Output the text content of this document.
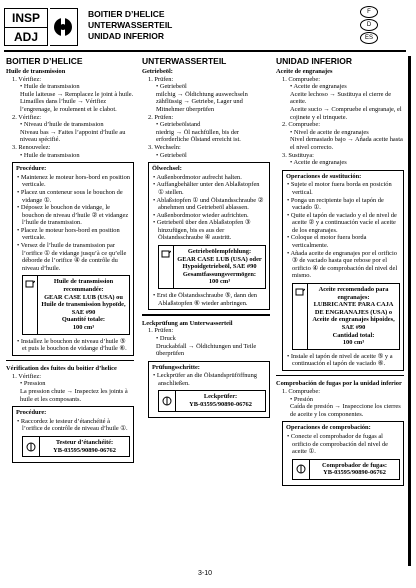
INSP
ADJ
BOITIER D’HELICE
UNTERWASSERTEIL
UNIDAD INFERIOR
F
D
ES
BOITIER D’HELICE
Huile de transmission
1. Vérifiez:
• Huile de transmission
Huile laiteuse → Remplacez le joint à huile.
Limailles dans l’huile → Vérifiez l’engrenage, le roulement et le clabot.
2. Vérifiez:
• Niveau d’huile de transmission
Niveau bas → Faites l’appoint d’huile au niveau spécifié.
3. Renouvelez:
• Huile de transmission
Procédure:
• Maintenez le moteur hors-bord en position verticale.
• Placez un conteneur sous le bouchon de vidange ①.
• Déposez le bouchon de vidange, le bouchon de niveau d’huile ② et vidangez l’huile de transmission.
• Placez le moteur hors-bord en position verticale.
• Versez de l’huile de transmission par l’orifice ① de vidange jusqu’à ce qu’elle déborde de l’orifice ④ de contrôle du niveau d’huile.
Huile de transmission recommandée:
GEAR CASE LUB (USA) ou
Huile de transmission hypoïde, SAE #90
Quantité totale:
100 cm³
• Installez le bouchon de niveau d’huile ⑤ et puis le bouchon de vidange d’huile ⑥.
Vérification des fuites du boitier d’helice
1. Vérifiez:
• Pression
La pression chute → Inspectez les joints à huile et les composants.
Procédure:
• Raccordez le testeur d’étanchéité à l’orifice de contrôle de niveau d’huile ①.
Testeur d’étanchéité:
YB-03595/90890-06762
UNTERWASSERTEIL
Getriebeöl:
1. Prüfen:
• Getriebeöl
milchig → Öldichtung auswechseln
zähflüssig → Getriebe, Lager und Mitnehmer überprüfen
2. Prüfen:
• Getriebeölstand
niedrig → Öl nachfüllen, bis der erforderliche Ölstand erreicht ist.
3. Wechseln:
• Getriebeöl
Ölwechsel:
• Außenbordmotor aufrecht halten.
• Auffangbehälter unter den Ablaßstopfen ① stellen.
• Ablaßstopfen ① und Ölstandsschraube ② abnehmen und Getriebeöl ablassen.
• Außenbordmotor wieder aufrichten.
• Getriebeöl über den Ablaßstopfen ③ hinzufügen, bis es aus der Ölstandsschraube ④ austritt.
Getriebeölempfehlung:
GEAR CASE LUB (USA) oder
Hypoidgetriebeöl, SAE #90
Gesamtfassungsvermögen:
100 cm³
• Erst die Ölstandsschraube ⑤, dann den Ablaßstopfen ⑥ wieder anbringen.
Leckprüfung am Unterwasserteil
1. Prüfen:
• Druck
Druckabfall → Öldichtungen und Teile überprüfen
Prüfungsschritte:
• Leckprüfer an die Ölstandsprüföffnung anschließen.
Leckprüfer:
YB-03595/90890-06762
UNIDAD INFERIOR
Aceite de engranajes
1. Compruebe:
• Aceite de engranajes
Aceite lechoso → Sustituya el cierre de aceite.
Aceite sucio → Compruebe el engranaje, el cojinete y el trinquete.
2. Compruebe:
• Nivel de aceite de engranajes
Nivel demasiado bajo → Añada aceite hasta el nivel correcto.
3. Sustituya:
• Aceite de engranajes
Operaciones de sustitución:
• Sujete el motor fuera borda en posición vertical.
• Ponga un recipiente bajo el tapón de vaciado ①.
• Quite el tapón de vaciado y el de nivel de aceite ② y a continuación vacíe el aceite de los engranajes.
• Coloque el motor fuera borda verticalmente.
• Añada aceite de engranajes por el orificio ③ de vaciado hasta que rebose por el orificio ④ de comprobación del nivel del mismo.
Aceite recomendado para engranajes:
LUBRICANTE PARA CAJA DE ENGRANAJES (USA) o
Aceite de engranajes hipoides, SAE #90
Cantidad total:
100 cm³
• Instale el tapón de nivel de aceite ⑤ y a continuación el tapón de vaciado ⑥.
Comprobación de fugas por la unidad inferior
1. Compruebe:
• Presión
Caída de presión → Inspeccione los cierres de aceite y los componentes.
Operaciones de comprobación:
• Conecte el comprobador de fugas al orificio de comprobación del nivel de aceite ①.
Comprobador de fugas:
YB-03595/90890-06762
3-10
